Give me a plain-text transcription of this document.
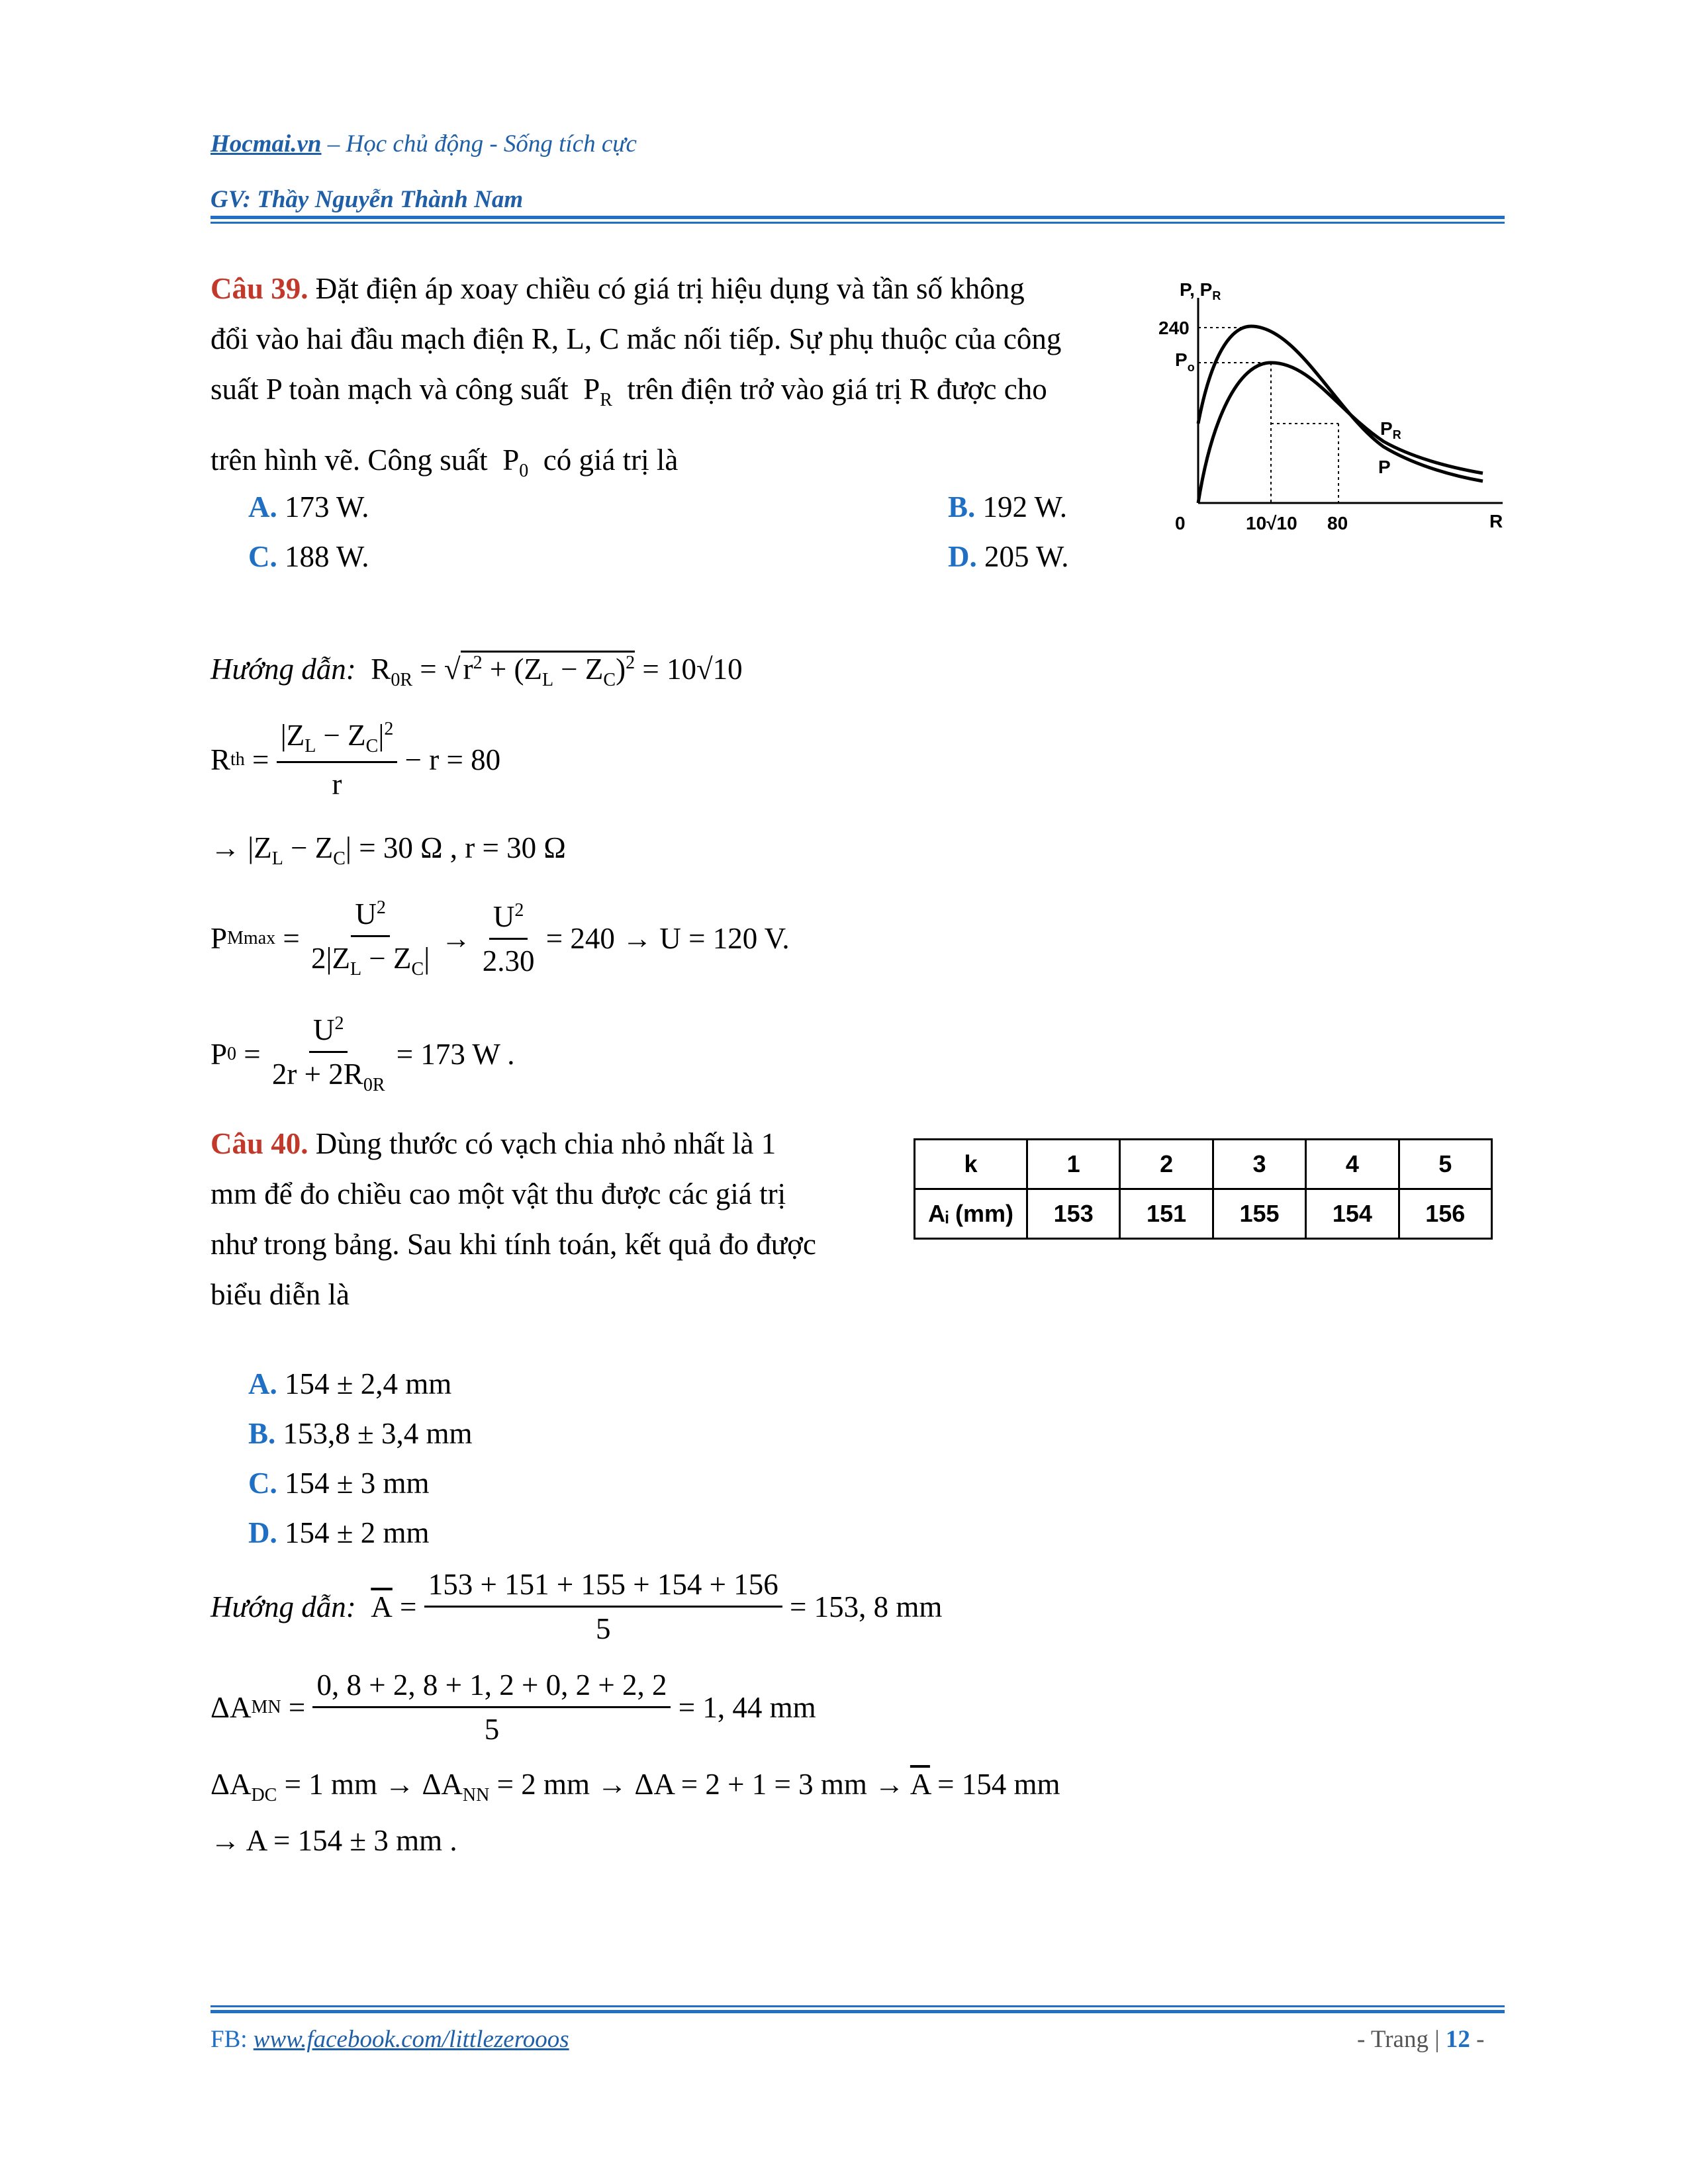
Hocmai.vn – Học chủ động - Sống tích cực
GV: Thầy Nguyễn Thành Nam
Câu 39. Đặt điện áp xoay chiều có giá trị hiệu dụng và tần số không
đổi vào hai đầu mạch điện R, L, C mắc nối tiếp. Sự phụ thuộc của công
suất P toàn mạch và công suất  $P_R$ trên điện trở vào giá trị R được cho
trên hình vẽ. Công suất  $P_0$ có giá trị là
A. 173 W.	B. 192 W.
C. 188 W.	D. 205 W.
P, $P_R$
240
$P_o$
0	10√10 80	R
$P_R$
P
Hướng dẫn:  $R_{0R} = √r^2 + (Z_L - Z_C)^2 = 10√10$
R th = $\frac{|Z_L - Z_C|^2}{r}$
− r = 80
→ $|Z_L - Z_C| = 30$ Ω , r = 30 Ω
P $Mmax = \frac{U^2}{2|Z_L - Z_C|} \to \frac{U^2}{2.30}$
= 240 → U = 120 V.
P $0 = \frac{U^2}{2r + 2R_{0R}}$
= 173 W .
Câu 40. Dùng thước có vạch chia nhỏ nhất là 1
mm để đo chiều cao một vật thu được các giá trị
như trong bảng. Sau khi tính toán, kết quả đo được
biểu diễn là
k	1	2	3	4	5
Aᵢ (mm)	153	151	155	154	156
A. 154 ± 2,4 mm
B. 153,8 ± 3,4 mm
C. 154 ± 3 mm
D. 154 ± 2 mm
Hướng dẫn:
$\overline{A} = \frac{153 + 151 + 155 + 154 + 156}{5}$
= 153, 8 mm
ΔA MN = $\frac{0, 8 + 2, 8 + 1, 2 + 0, 2 + 2, 2}{5}$
= 1, 44 mm
$\Delta A_{DC} = 1$ mm → $\Delta A_{NN} = 2$ mm → ΔA = 2 + 1 = 3 mm → $\overline{A} = 154$ mm
→ A = 154 ± 3 mm .
FB: www.facebook.com/littlezerooos	- Trang | 12 -
